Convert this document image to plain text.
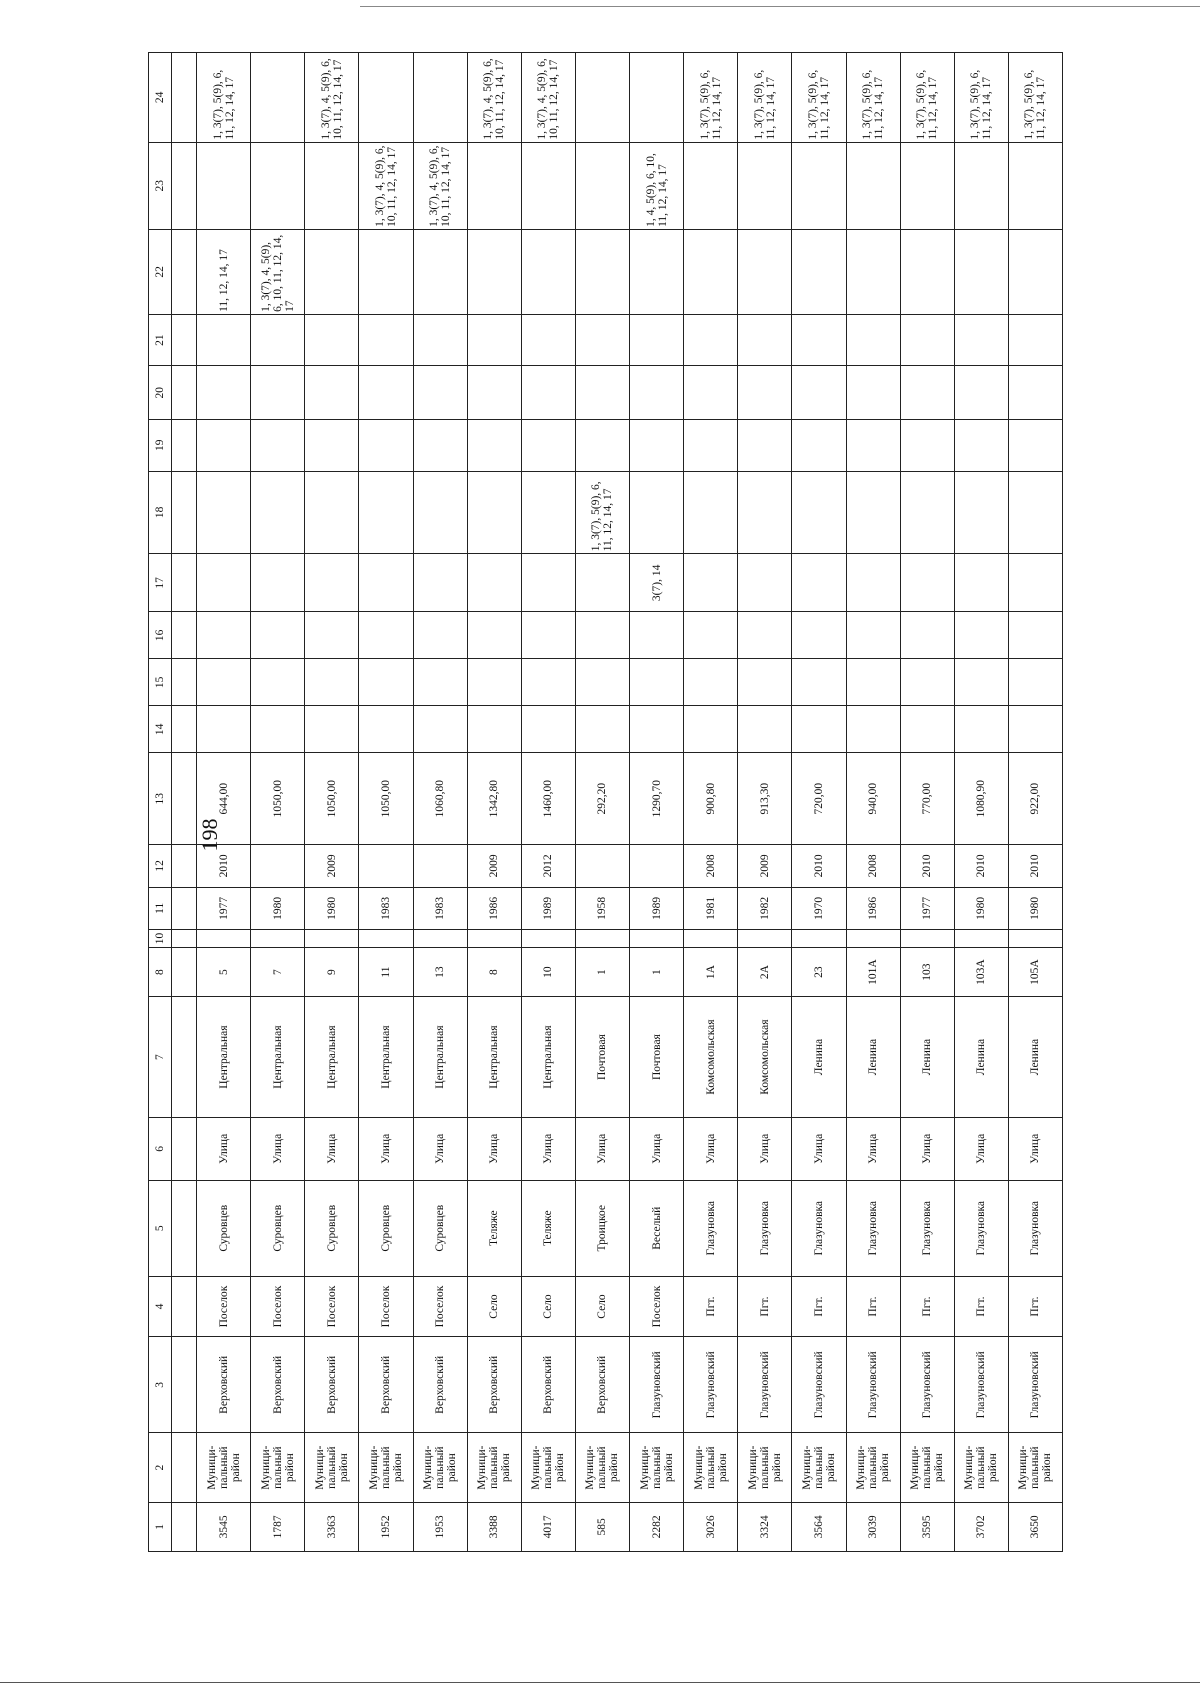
198
1	2	3	4	5	6	7	8	10	11	12	13	14	15	16	17	18	19	20	21	22	23	24

3545	Муници-пальный район	Верховский	Поселок	Суровцев	Улица	Центральная	5		1977	2010	644,00									11, 12, 14, 17		1, 3(7), 5(9), 6, 11, 12, 14, 17
1787	Муници-пальный район	Верховский	Поселок	Суровцев	Улица	Центральная	7		1980		1050,00									1, 3(7), 4, 5(9), 6, 10, 11, 12, 14, 17		
3363	Муници-пальный район	Верховский	Поселок	Суровцев	Улица	Центральная	9		1980	2009	1050,00											1, 3(7), 4, 5(9), 6, 10, 11, 12, 14, 17
1952	Муници-пальный район	Верховский	Поселок	Суровцев	Улица	Центральная	11		1983		1050,00										1, 3(7), 4, 5(9), 6, 10, 11, 12, 14, 17	
1953	Муници-пальный район	Верховский	Поселок	Суровцев	Улица	Центральная	13		1983		1060,80										1, 3(7), 4, 5(9), 6, 10, 11, 12, 14, 17	
3388	Муници-пальный район	Верховский	Село	Теляже	Улица	Центральная	8		1986	2009	1342,80											1, 3(7), 4, 5(9), 6, 10, 11, 12, 14, 17
4017	Муници-пальный район	Верховский	Село	Теляже	Улица	Центральная	10		1989	2012	1460,00											1, 3(7), 4, 5(9), 6, 10, 11, 12, 14, 17
585	Муници-пальный район	Верховский	Село	Троицкое	Улица	Почтовая	1		1958		292,20					1, 3(7), 5(9), 6, 11, 12, 14, 17						
2282	Муници-пальный район	Глазуновский	Поселок	Веселый	Улица	Почтовая	1		1989		1290,70				3(7), 14						1, 4, 5(9), 6, 10, 11, 12, 14, 17	
3026	Муници-пальный район	Глазуновский	Пгт.	Глазуновка	Улица	Комсомольская	1А		1981	2008	900,80											1, 3(7), 5(9), 6, 11, 12, 14, 17
3324	Муници-пальный район	Глазуновский	Пгт.	Глазуновка	Улица	Комсомольская	2А		1982	2009	913,30											1, 3(7), 5(9), 6, 11, 12, 14, 17
3564	Муници-пальный район	Глазуновский	Пгт.	Глазуновка	Улица	Ленина	23		1970	2010	720,00											1, 3(7), 5(9), 6, 11, 12, 14, 17
3039	Муници-пальный район	Глазуновский	Пгт.	Глазуновка	Улица	Ленина	101А		1986	2008	940,00											1, 3(7), 5(9), 6, 11, 12, 14, 17
3595	Муници-пальный район	Глазуновский	Пгт.	Глазуновка	Улица	Ленина	103		1977	2010	770,00											1, 3(7), 5(9), 6, 11, 12, 14, 17
3702	Муници-пальный район	Глазуновский	Пгт.	Глазуновка	Улица	Ленина	103А		1980	2010	1080,90											1, 3(7), 5(9), 6, 11, 12, 14, 17
3650	Муници-пальный район	Глазуновский	Пгт.	Глазуновка	Улица	Ленина	105А		1980	2010	922,00											1, 3(7), 5(9), 6, 11, 12, 14, 17
